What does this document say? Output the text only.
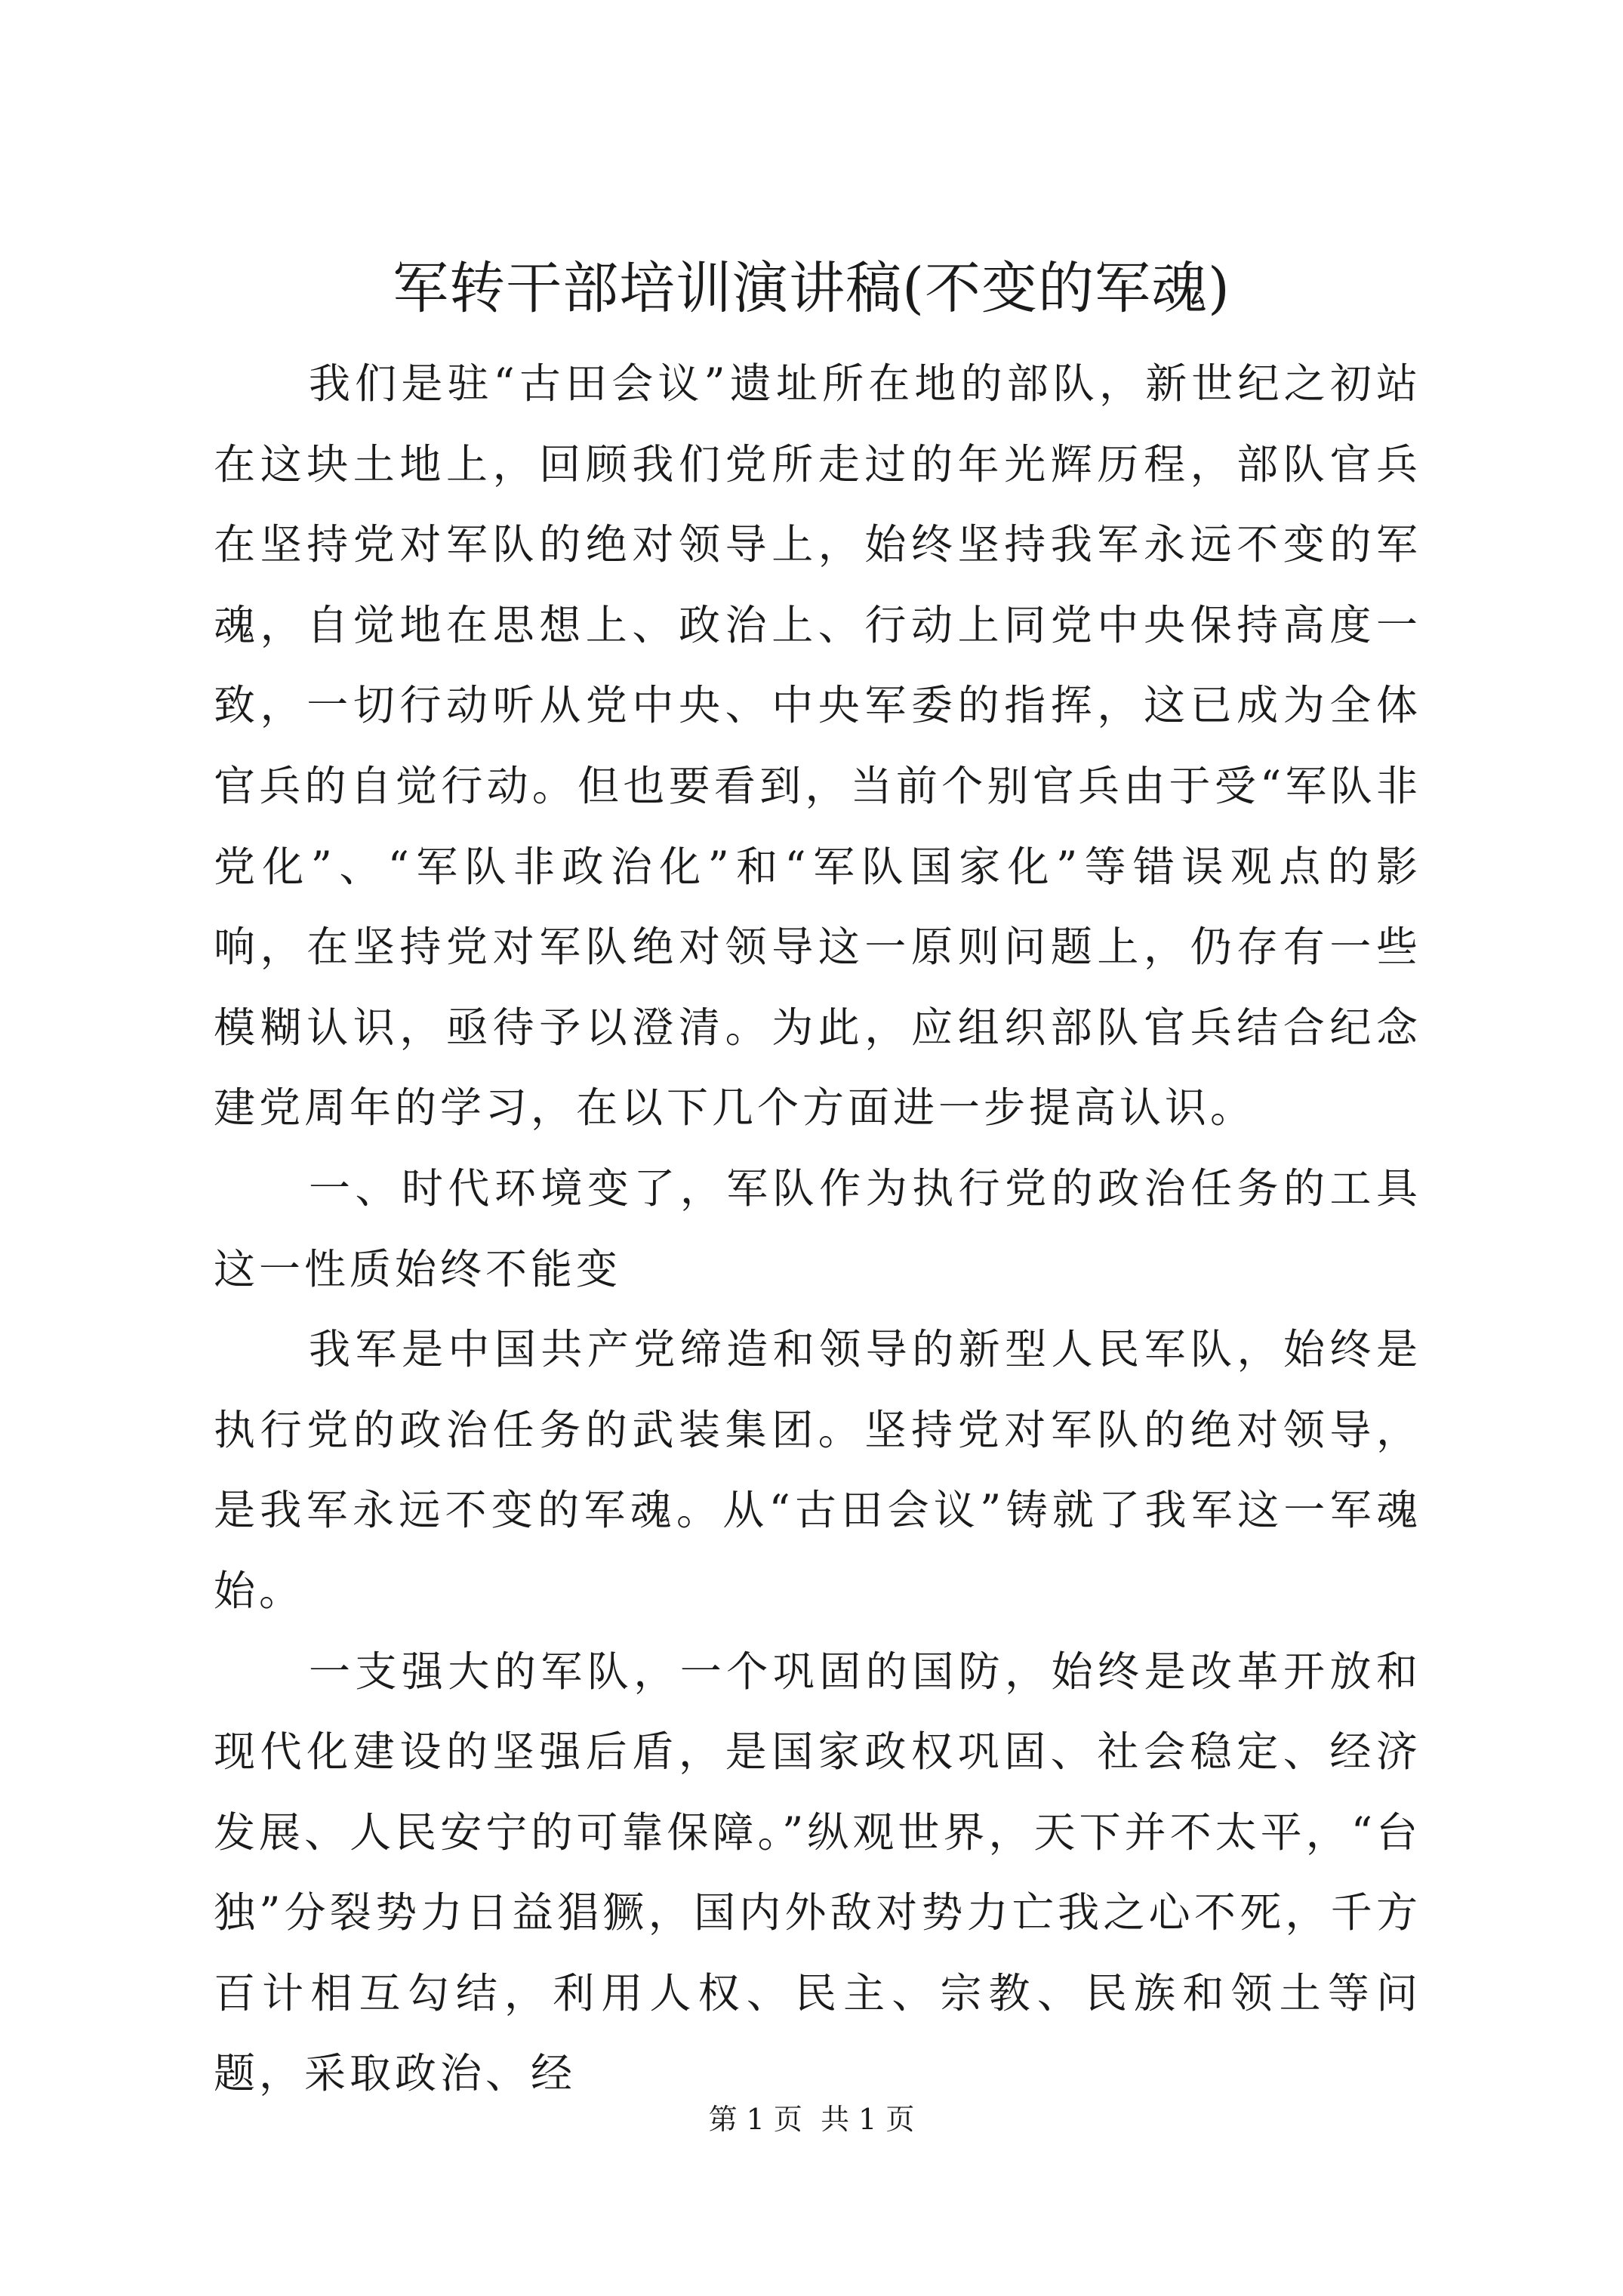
军转干部培训演讲稿(不变的军魂)

我们是驻“古田会议”遗址所在地的部队，新世纪之初站在这块土地上，回顾我们党所走过的年光辉历程，部队官兵在坚持党对军队的绝对领导上，始终坚持我军永远不变的军魂，自觉地在思想上、政治上、行动上同党中央保持高度一致，一切行动听从党中央、中央军委的指挥，这已成为全体官兵的自觉行动。但也要看到，当前个别官兵由于受“军队非党化”、“军队非政治化”和“军队国家化”等错误观点的影响，在坚持党对军队绝对领导这一原则问题上，仍存有一些模糊认识，亟待予以澄清。为此，应组织部队官兵结合纪念建党周年的学习，在以下几个方面进一步提高认识。

一、时代环境变了，军队作为执行党的政治任务的工具这一性质始终不能变

我军是中国共产党缔造和领导的新型人民军队，始终是执行党的政治任务的武装集团。坚持党对军队的绝对领导，是我军永远不变的军魂。从“古田会议”铸就了我军这一军魂始。

一支强大的军队，一个巩固的国防，始终是改革开放和现代化建设的坚强后盾，是国家政权巩固、社会稳定、经济发展、人民安宁的可靠保障。”纵观世界，天下并不太平，“台独”分裂势力日益猖獗，国内外敌对势力亡我之心不死，千方百计相互勾结，利用人权、民主、宗教、民族和领土等问题，采取政治、经

第 1 页  共 1 页
